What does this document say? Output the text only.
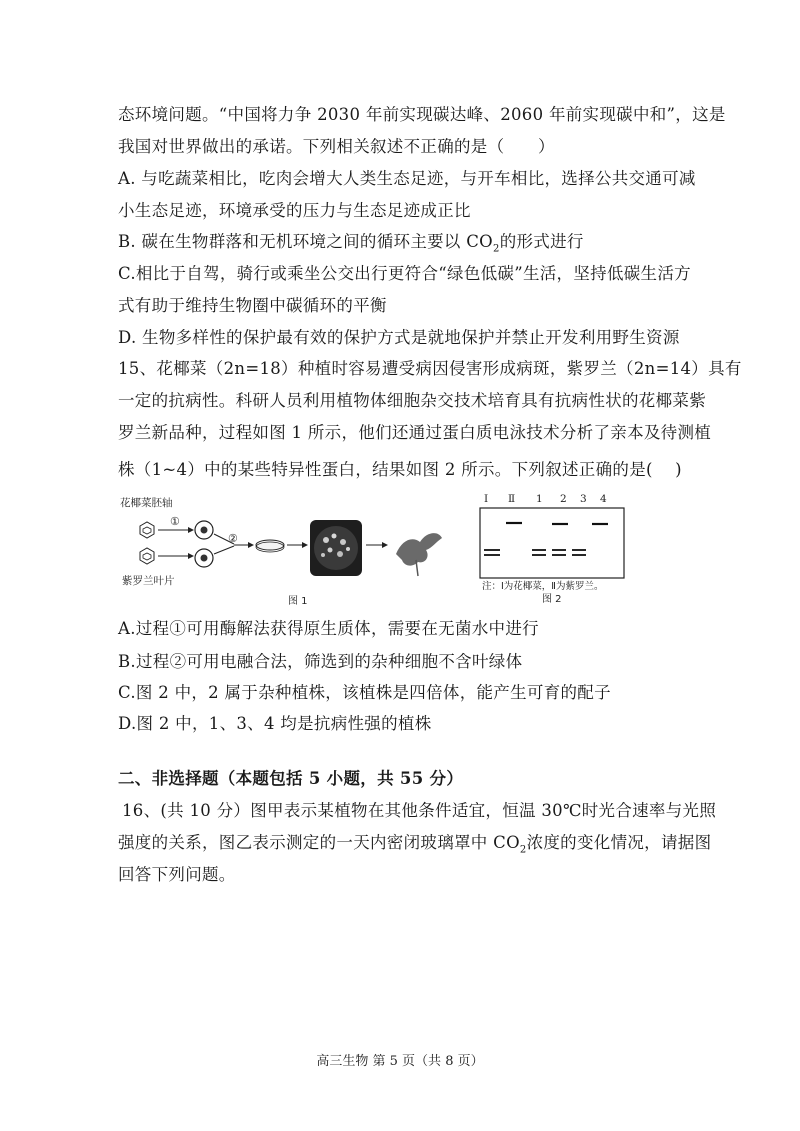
态环境问题。“中国将力争 2030 年前实现碳达峰、2060 年前实现碳中和”，这是
我国对世界做出的承诺。下列相关叙述不正确的是（　　）
A. 与吃蔬菜相比，吃肉会增大人类生态足迹，与开车相比，选择公共交通可减
小生态足迹，环境承受的压力与生态足迹成正比
B. 碳在生物群落和无机环境之间的循环主要以 $CO_2$的形式进行
C.相比于自驾，骑行或乘坐公交出行更符合“绿色低碳”生活，坚持低碳生活方
式有助于维持生物圈中碳循环的平衡
D. 生物多样性的保护最有效的保护方式是就地保护并禁止开发利用野生资源
15、花椰菜（2n=18）种植时容易遭受病因侵害形成病斑，紫罗兰（2n=14）具有
一定的抗病性。科研人员利用植物体细胞杂交技术培育具有抗病性状的花椰菜紫
罗兰新品种，过程如图 1 所示，他们还通过蛋白质电泳技术分析了亲本及待测植
株（1~4）中的某些特异性蛋白，结果如图 2 所示。下列叙述正确的是(　 )
花椰菜胚轴
紫罗兰叶片
①
②
图 1
Ⅰ Ⅱ 1 2 3 4
注：Ⅰ为花椰菜，Ⅱ为紫罗兰。
图 2
A.过程①可用酶解法获得原生质体，需要在无菌水中进行
B.过程②可用电融合法，筛选到的杂种细胞不含叶绿体
C.图 2 中，2 属于杂种植株，该植株是四倍体，能产生可育的配子
D.图 2 中，1、3、4 均是抗病性强的植株
二、非选择题（本题包括 5 小题，共 55 分）
16、(共 10 分）图甲表示某植物在其他条件适宜，恒温 30℃时光合速率与光照
强度的关系，图乙表示测定的一天内密闭玻璃罩中 $CO_2$浓度的变化情况，请据图
回答下列问题。
高三生物 第 5 页（共 8 页）
